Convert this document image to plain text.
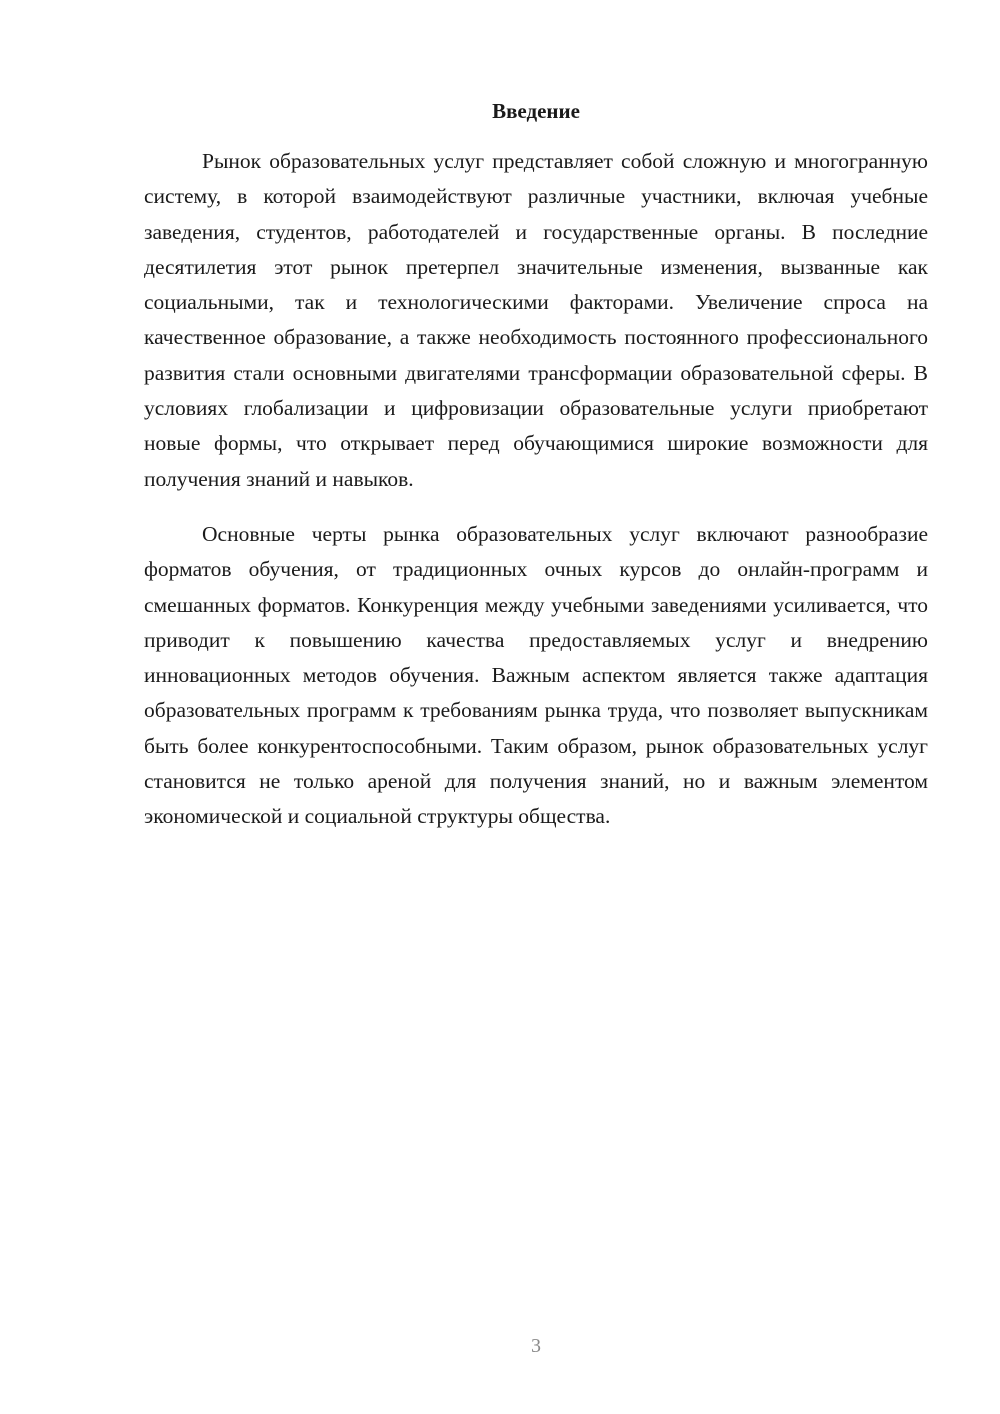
Введение

Рынок образовательных услуг представляет собой сложную и многогранную систему, в которой взаимодействуют различные участники, включая учебные заведения, студентов, работодателей и государственные органы. В последние десятилетия этот рынок претерпел значительные изменения, вызванные как социальными, так и технологическими факторами. Увеличение спроса на качественное образование, а также необходимость постоянного профессионального развития стали основными двигателями трансформации образовательной сферы. В условиях глобализации и цифровизации образовательные услуги приобретают новые формы, что открывает перед обучающимися широкие возможности для получения знаний и навыков.

Основные черты рынка образовательных услуг включают разнообразие форматов обучения, от традиционных очных курсов до онлайн-программ и смешанных форматов. Конкуренция между учебными заведениями усиливается, что приводит к повышению качества предоставляемых услуг и внедрению инновационных методов обучения. Важным аспектом является также адаптация образовательных программ к требованиям рынка труда, что позволяет выпускникам быть более конкурентоспособными. Таким образом, рынок образовательных услуг становится не только ареной для получения знаний, но и важным элементом экономической и социальной структуры общества.

3
